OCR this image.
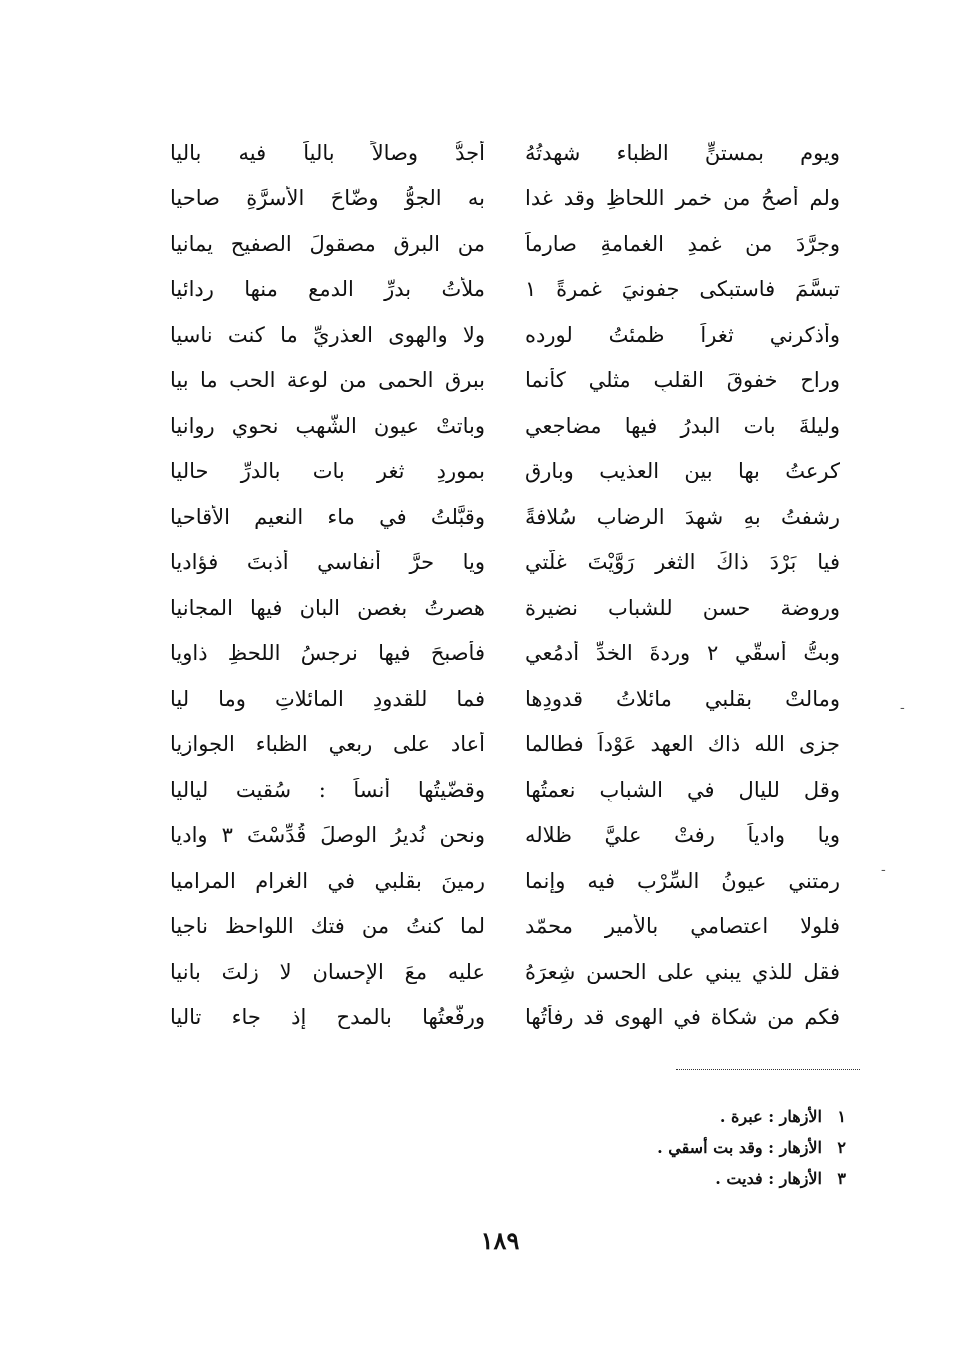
ويوم بمستنٍّ الظباء شهدتُهُ
أجدُّ وصالاً بالياً فيه باليا
ولم أصحُ من خمرِ اللحاظِ وقد غدا
به الجوُّ وضّاحَ الأسرَّةِ صاحيا
وجرَّدَ من غمدِ الغمامةِ صارماً
من البرقِ مصقولَ الصفيح يمانيا
تبسَّمَ فاستبكى جفونيَ غمرةً ١
ملأتُ بدرِّ الدمعِ منها ردائيا
وأذكرني ثغراً ظمئتُ لورده
ولا والهوى العذريِّ ما كنت ناسيا
وراح خفوقَ القلبِ مثلي كأنما
ببرق الحمى من لوعة الحب ما بيا
وليلةَ بات البدرُ فيها مضاجعي
وباتتْ عيون الشُّهبِ نحوي روانيا
كرعتُ بها بين العذيب وبارقٍ
بموردِ ثغرٍ بات بالدرِّ حاليا
رشفتُ بهِ شهدَ الرضابِ سُلافةً
وقبَّلتُ في ماء النعيمِ الأقاحيا
فيا بَرْدَ ذاكَ الثغرِ رَوَّيْتَ غلّتي
ويا حرَّ أنفاسي أذبتَ فؤاديا
وروضة حسن للشباب نضيرة
هصرتُ بغصنِ البانِ فيها المجانيا
وبتُّ أُسقّي ٢ وردةَ الخدِّ أدمُعي
فأصبحَ فيها نرجسُ اللحظِ ذاويا
ومالتْ بقلبي مائلاتُ قدودِها
فما للقدودِ المائلاتِ وما ليا
جزى الله ذاك العهد عَوْداً فطالما
أعاد على ربعي الظباء الجوازيا
وقل لليالِ في الشبابِ نعمتُها
وقضّيتُها أُنساً : سُقيت لياليا
ويا وادياً رفتْ عليَّ ظلاله
ونحن نُديرُ الوصلَ قُدِّسْتَ ٣ واديا
رمتني عيونُ السِّرْبِ فيه وإنما
رمينَ بقلبي في الغرام المراميا
فلولا اعتصامي بالأمير محمّد
لما كنتُ من فتك اللواحظ ناجيا
فقل للذي يبني على الحسنِ شِعرَهُ
عليه معَ الإحسان لا زلتَ بانيا
فكم من شكاة في الهوى قد رفأتُها
ورفَّعتُها بالمدح إذ جاء تاليا
١الأزهار : عبرة .
٢الأزهار : وقد بت أسقي .
٣الأزهار : فديت .
١٨٩
-
-
